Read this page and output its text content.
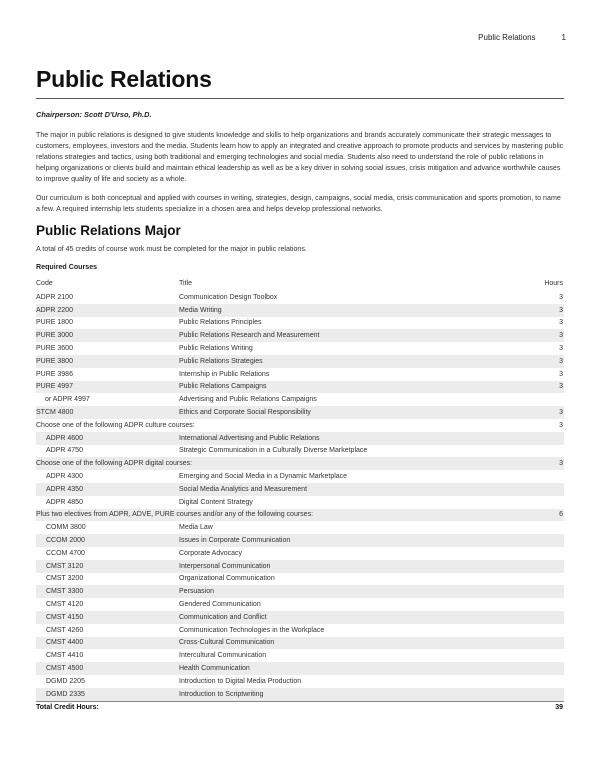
Public Relations	1
Public Relations
Chairperson: Scott D'Urso, Ph.D.

The major in public relations is designed to give students knowledge and skills to help organizations and brands accurately communicate their strategic messages to customers, employees, investors and the media. Students learn how to apply an integrated and creative approach to promote products and services by mastering public relations strategies and tactics, using both traditional and emerging technologies and social media. Students also need to understand the role of public relations in helping organizations or clients build and maintain ethical leadership as well as be a key driver in solving social issues, crisis mitigation and advance worthwhile causes to improve quality of life and society as a whole.

Our curriculum is both conceptual and applied with courses in writing, strategies, design, campaigns, social media, crisis communication and sports promotion, to name a few. A required internship lets students specialize in a chosen area and helps develop professional networks.

Public Relations Major

A total of 45 credits of course work must be completed for the major in public relations.

Required Courses
Code	Title	Hours
ADPR 2100	Communication Design Toolbox	3
ADPR 2200	Media Writing	3
PURE 1800	Public Relations Principles	3
PURE 3000	Public Relations Research and Measurement	3
PURE 3600	Public Relations Writing	3
PURE 3800	Public Relations Strategies	3
PURE 3986	Internship in Public Relations	3
PURE 4997	Public Relations Campaigns	3
or ADPR 4997	Advertising and Public Relations Campaigns	
STCM 4800	Ethics and Corporate Social Responsibility	3
Choose one of the following ADPR culture courses:		3
ADPR 4600	International Advertising and Public Relations	
ADPR 4750	Strategic Communication in a Culturally Diverse Marketplace	
Choose one of the following ADPR digital courses:		3
ADPR 4300	Emerging and Social Media in a Dynamic Marketplace	
ADPR 4350	Social Media Analytics and Measurement	
ADPR 4850	Digital Content Strategy	
Plus two electives from ADPR, ADVE, PURE courses and/or any of the following courses:		6
COMM 3800	Media Law	
CCOM 2000	Issues in Corporate Communication	
CCOM 4700	Corporate Advocacy	
CMST 3120	Interpersonal Communication	
CMST 3200	Organizational Communication	
CMST 3300	Persuasion	
CMST 4120	Gendered Communication	
CMST 4150	Communication and Conflict	
CMST 4260	Communication Technologies in the Workplace	
CMST 4400	Cross-Cultural Communication	
CMST 4410	Intercultural Communication	
CMST 4500	Health Communication	
DGMD 2205	Introduction to Digital Media Production	
DGMD 2335	Introduction to Scriptwriting	
Total Credit Hours:		39
